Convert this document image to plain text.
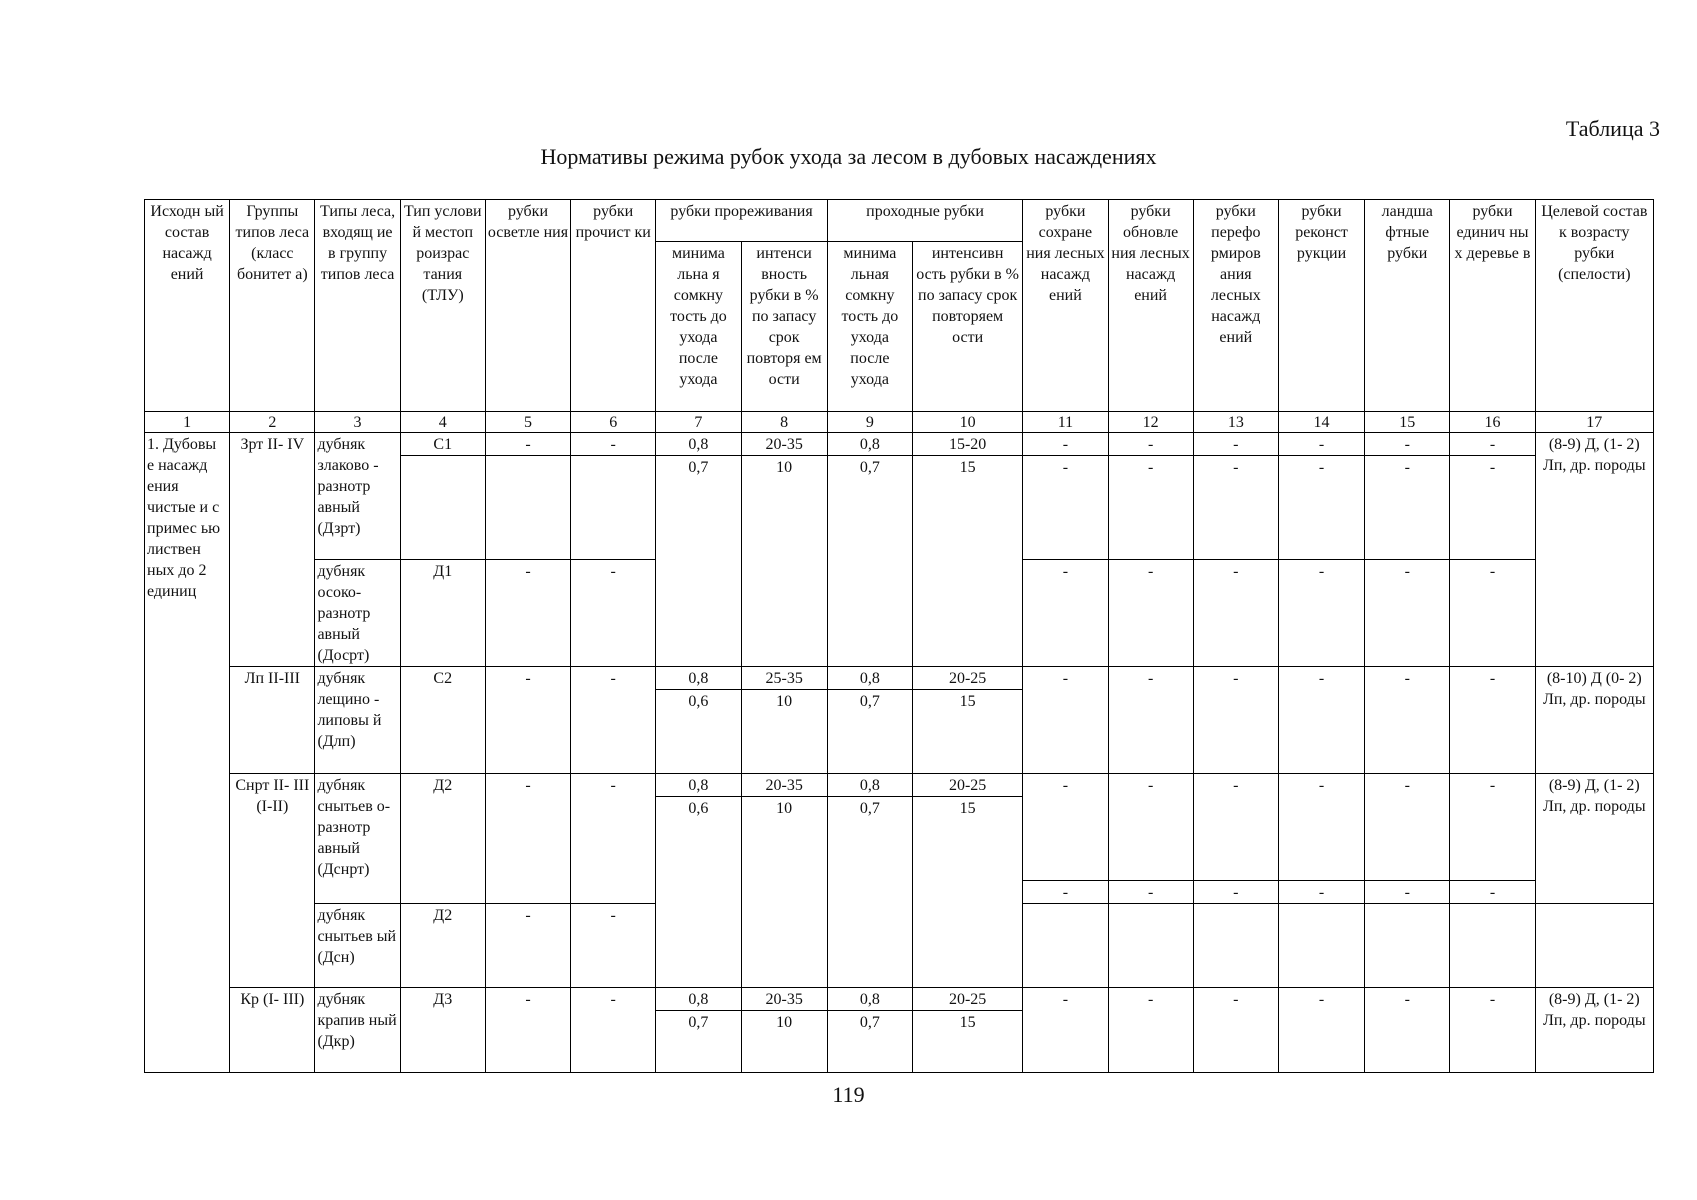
Таблица 3
Нормативы режима рубок ухода за лесом в дубовых насаждениях
Исходн ый состав насажд ений	Группы типов леса (класс бонитет а)	Типы леса, входящ ие в группу типов леса	Тип услови й местоп роизрас тания (ТЛУ)	рубки осветле ния	рубки прочист ки	рубки прореживания		проходные рубки		рубки сохране ния лесных насажд ений	рубки обновле ния лесных насажд ений	рубки перефо рмиров ания лесных насажд ений	рубки реконст рукции	ландша фтные рубки	рубки единич ны х деревье в	Целевой состав к возрасту рубки (спелости)
						минима льна я сомкну тость до ухода после ухода	интенси вность рубки в % по запасу срок повторя ем ости	минима льная сомкну тость до ухода после ухода	интенсивн ость рубки в % по запасу срок повторяем ости							
1	2	3	4	5	6	7	8	9	10	11	12	13	14	15	16	17
1. Дубовы е насажд ения чистые и с примес ью листвен ных до 2 единиц	Зрт II- IV	дубняк злаково - разнотр авный (Дзрт)	С1	-	-	0,8	20-35	0,8	15-20	-	-	-	-	-	-	(8-9) Д, (1- 2) Лп, др. породы
						0,7	10	0,7	15	-	-	-	-	-	-	
		дубняк осоко- разнотр авный (Досрт)	Д1	-	-					-	-	-	-	-	-	
	Лп II-III	дубняк лещино - липовы й (Длп)	С2	-	-	0,8	25-35	0,8	20-25	-	-	-	-	-	-	(8-10) Д (0- 2) Лп, др. породы
						0,6	10	0,7	15							
	Снрт II- III (I-II)	дубняк снытьев о- разнотр авный (Дснрт)	Д2	-	-	0,8	20-35	0,8	20-25	-	-	-	-	-	-	(8-9) Д, (1- 2) Лп, др. породы
						0,6	10	0,7	15							
										-	-	-	-	-	-	
		дубняк снытьев ый (Дсн)	Д2	-	-											
	Кр (I- III)	дубняк крапив ный (Дкр)	Д3	-	-	0,8	20-35	0,8	20-25	-	-	-	-	-	-	(8-9) Д, (1- 2) Лп, др. породы
						0,7	10	0,7	15							
119
